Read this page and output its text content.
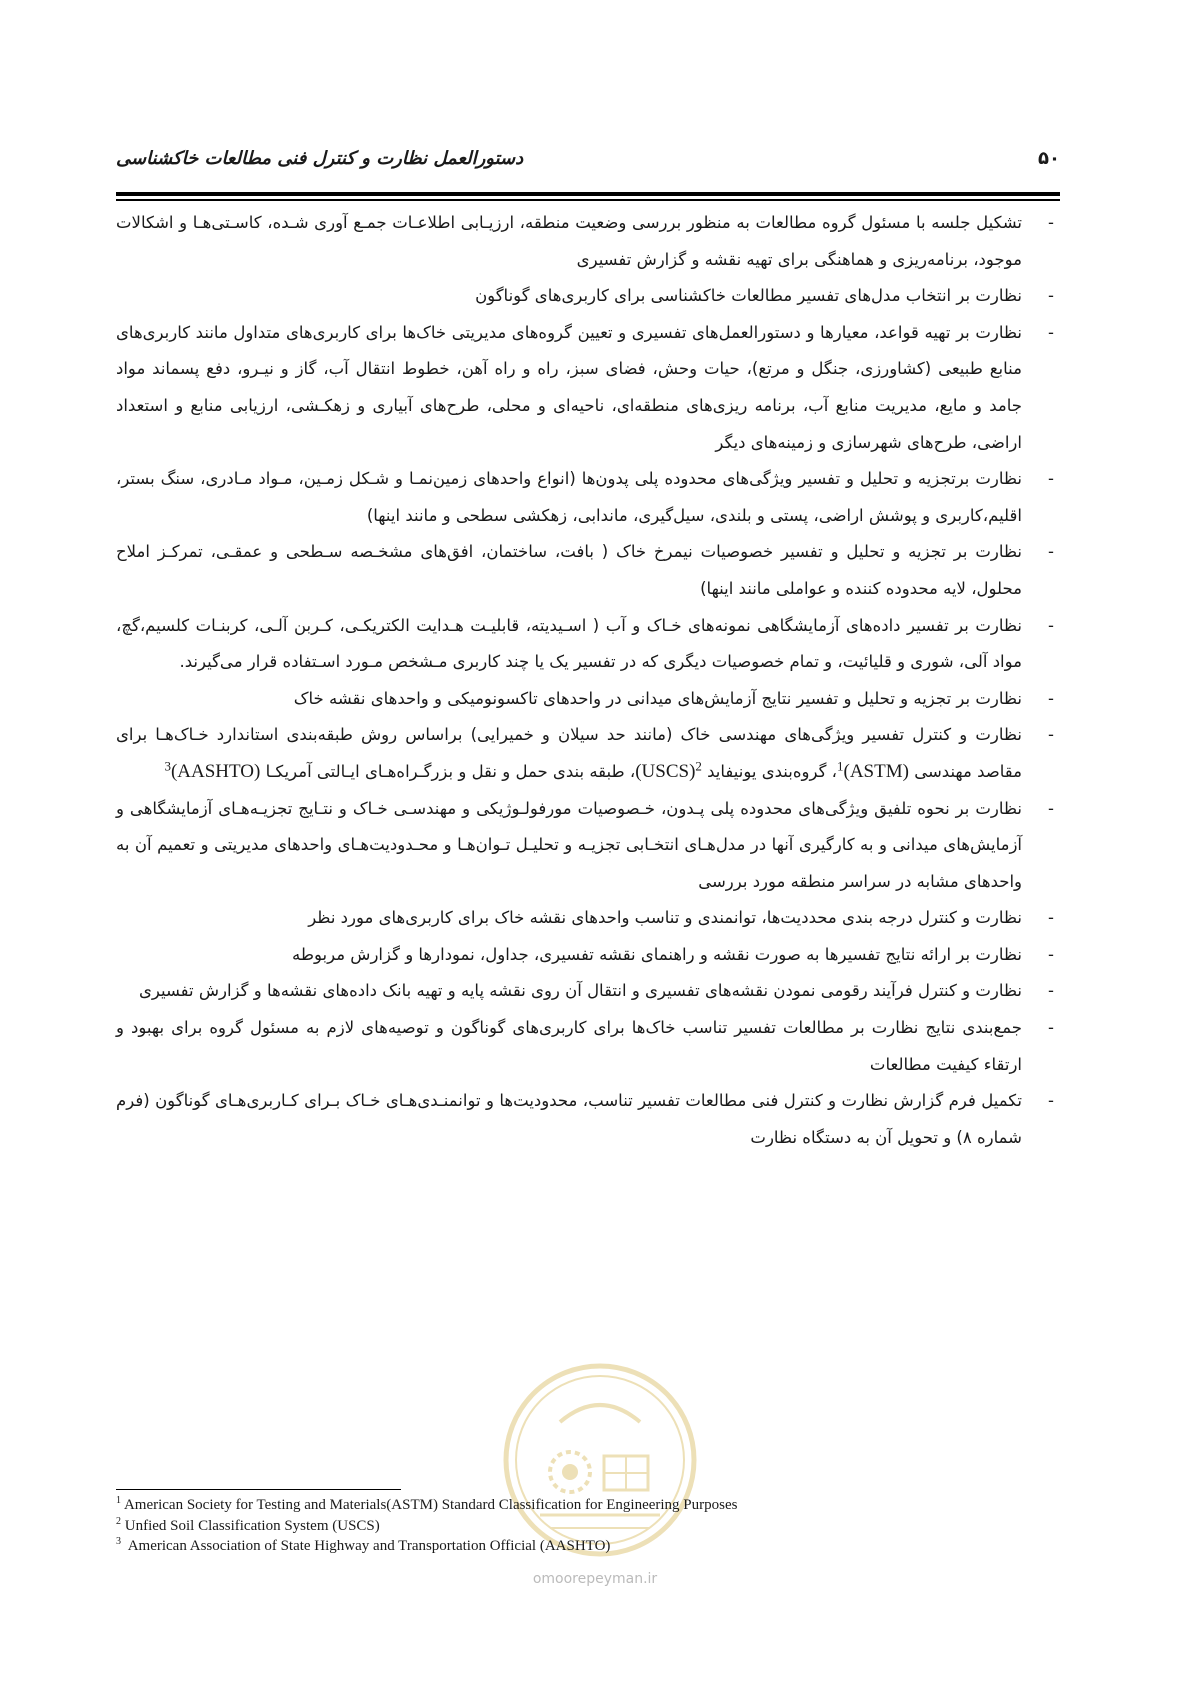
دستورالعمل نظارت و کنترل فنی مطالعات خاکشناسی	۵۰
-
تشکیل جلسه با مسئول گروه مطالعات به منظور بررسی وضعیت منطقه، ارزیـابی اطلاعـات جمـع آوری شـده، کاسـتی‌هـا و اشکالات موجود، برنامه‌ریزی و هماهنگی برای تهیه نقشه و گزارش تفسیری
-
نظارت بر انتخاب مدل‌های تفسیر مطالعات خاکشناسی برای کاربری‌های گوناگون
-
نظارت بر تهیه قواعد، معیارها و دستورالعمل‌های تفسیری و تعیین گروه‌های مدیریتی خاک‌ها برای کاربری‌های متداول مانند کاربری‌های منابع طبیعی (کشاورزی، جنگل و مرتع)، حیات وحش، فضای سبز، راه و راه آهن، خطوط انتقال آب، گاز و نیـرو، دفع پسماند مواد جامد و مایع، مدیریت منابع آب، برنامه ریزی‌های منطقه‌ای، ناحیه‌ای و محلی، طرح‌های آبیاری و زهکـشی، ارزیابی منابع و استعداد اراضی، طرح‌های شهرسازی و زمینه‌های دیگر
-
نظارت برتجزیه و تحلیل و تفسیر ویژگی‌های محدوده پلی پدون‌ها (انواع واحدهای زمین‌نمـا و شـکل زمـین، مـواد مـادری، سنگ بستر، اقلیم،کاربری و پوشش اراضی، پستی و بلندی، سیل‌گیری، ماندابی، زهکشی سطحی و مانند اینها)
-
نظارت بر تجزیه و تحلیل و تفسیر خصوصیات نیمرخ خاک ( بافت، ساختمان، افق‌های مشخـصه سـطحی و عمقـی، تمرکـز املاح محلول، لایه محدوده کننده و عواملی مانند اینها)
-
نظارت بر تفسیر داده‌های آزمایشگاهی نمونه‌های خـاک و آب ( اسـیدیته، قابلیـت هـدایت الکتریکـی، کـربن آلـی، کربنـات کلسیم،گچ، مواد آلی، شوری و قلیائیت، و تمام خصوصیات دیگری که در تفسیر یک یا چند کاربری مـشخص مـورد اسـتفاده قرار می‌گیرند.
-
نظارت بر تجزیه و تحلیل و تفسیر نتایج آزمایش‌های میدانی در واحدهای تاکسونومیکی و واحدهای نقشه خاک
-
نظارت و کنترل تفسیر ویژگی‌های مهندسی خاک (مانند حد سیلان و خمیرایی) براساس روش طبقه‌بندی استاندارد خـاک‌هـا برای مقاصد مهندسی (ASTM)$^1$، گروه‌بندی یونیفاید $^2$(USCS)، طبقه بندی حمل و نقل و بزرگـراه‌هـای ایـالتی آمریکـا (AASHTO)$^3$
-
نظارت بر نحوه تلفیق ویژگی‌های محدوده پلی پـدون، خـصوصیات مورفولـوژیکی و مهندسـی خـاک و نتـایج تجزیـه‌هـای آزمایشگاهی و آزمایش‌های میدانی و به کارگیری آنها در مدل‌هـای انتخـابی تجزیـه و تحلیـل تـوان‌هـا و محـدودیت‌هـای واحدهای مدیریتی و تعمیم آن به واحدهای مشابه در سراسر منطقه مورد بررسی
-
نظارت و کنترل درجه بندی محددیت‌ها، توانمندی و تناسب واحدهای نقشه خاک برای کاربری‌های مورد نظر
-
نظارت بر ارائه نتایج تفسیرها به صورت نقشه و راهنمای نقشه تفسیری، جداول، نمودارها و گزارش مربوطه
-
نظارت و کنترل فرآیند رقومی نمودن نقشه‌های تفسیری و انتقال آن روی نقشه پایه و تهیه بانک داده‌های نقشه‌ها و گزارش تفسیری
-
جمع‌بندی نتایج نظارت بر مطالعات تفسیر تناسب خاک‌ها برای کاربری‌های گوناگون و توصیه‌های لازم به مسئول گروه برای بهبود و ارتقاء کیفیت مطالعات
-
تکمیل فرم گزارش نظارت و کنترل فنی مطالعات تفسیر تناسب، محدودیت‌ها و توانمنـدی‌هـای خـاک بـرای کـاربری‌هـای گوناگون (فرم شماره ۸) و تحویل آن به دستگاه نظارت
omoorepeyman.ir
$^1$ American Society for Testing and Materials(ASTM) Standard Classification for Engineering Purposes
$^2$ Unfied Soil Classification System (USCS)
$^3$ American Association of State Highway and Transportation Official (AASHTO)
